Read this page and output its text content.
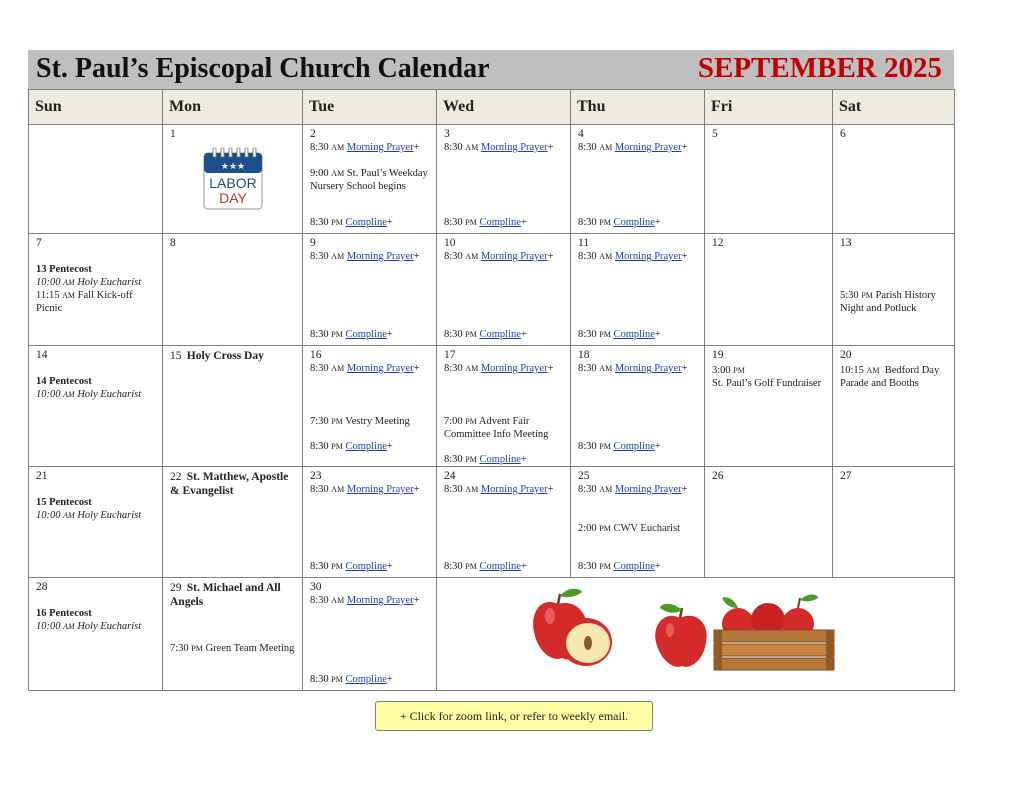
St. Paul’s Episcopal Church Calendar	SEPTEMBER 2025
Sun	Mon	Tue	Wed	Thu	Fri	Sat

	1
★★★
LABOR
DAY	2
8:30 AM Morning Prayer+
9:00 AM St. Paul’s Weekday Nursery School begins
8:30 PM Compline+	3
8:30 AM Morning Prayer+
8:30 PM Compline+	4
8:30 AM Morning Prayer+
8:30 PM Compline+	5	6

7
13 Pentecost
10:00 AM Holy Eucharist
11:15 AM Fall Kick-off Picnic	8	9
8:30 AM Morning Prayer+
8:30 PM Compline+	10
8:30 AM Morning Prayer+
8:30 PM Compline+	11
8:30 AM Morning Prayer+
8:30 PM Compline+	12	13
5:30 PM Parish History Night and Potluck

14
14 Pentecost
10:00 AM Holy Eucharist	15 Holy Cross Day	16
8:30 AM Morning Prayer+
7:30 PM Vestry Meeting
8:30 PM Compline+	17
8:30 AM Morning Prayer+
7:00 PM Advent Fair Committee Info Meeting
8:30 PM Compline+	18
8:30 AM Morning Prayer+
8:30 PM Compline+	19
3:00 PM
St. Paul’s Golf Fundraiser	20
10:15 AM Bedford Day Parade and Booths

21
15 Pentecost
10:00 AM Holy Eucharist	22 St. Matthew, Apostle & Evangelist	23
8:30 AM Morning Prayer+
8:30 PM Compline+	24
8:30 AM Morning Prayer+
8:30 PM Compline+	25
8:30 AM Morning Prayer+
2:00 PM CWV Eucharist
8:30 PM Compline+	26	27

28
16 Pentecost
10:00 AM Holy Eucharist	29 St. Michael and All Angels
7:30 PM Green Team Meeting	30
8:30 AM Morning Prayer+
8:30 PM Compline+				

+ Click for zoom link, or refer to weekly email.
